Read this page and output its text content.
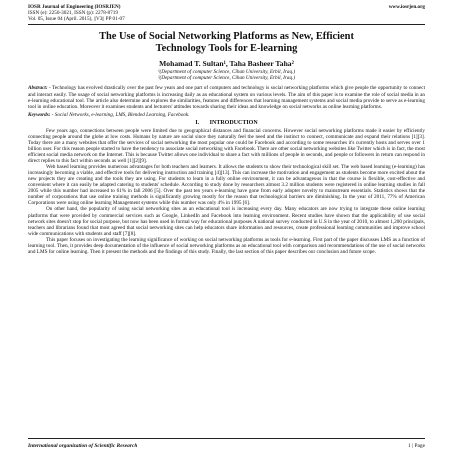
IOSR Journal of Engineering (IOSRJEN)
ISSN (e): 2250-3021, ISSN (p): 2278-8719
Vol. 05, Issue 04 (April. 2015), ||V3|| PP 01-07
www.iosrjen.org
The Use of Social Networking Platforms as New, Efficient
Technology Tools for E-learning
Mohamad T. Sultan¹, Taha Basheer Taha²
¹(Department of computer Science, Cihan University, Erbil, Iraq.)
²(Department of computer Science, Cihan University, Erbil, Iraq.)
Abstract: - Technology has evolved drastically over the past few years and one part of computers and technology is social networking platforms which give people the opportunity to connect and interact easily. The usage of social networking platforms is increasing daily as an educational system on various levels. The aim of this paper is to examine the role of social media in an e-learning educational tool. The article also determine and explores the similarities, features and differences that learning management systems and social media provide to serve as e-learning tool in online education. Moreover it examines students and lecturers' attitudes towards sharing their ideas and knowledge on social networks as online learning platforms.
Keywords: - Social Networks, e-learning, LMS, Blended Learning, Facebook.
I. INTRODUCTION

Few years ago, connections between people were limited due to geographical distances and financial concerns. However social networking platforms made it easier by efficiently connecting people around the globe at low costs. Humans by nature are social since they naturally feel the need and the instinct to connect, communicate and expand their relations [1][3]. Today there are a many websites that offer the services of social networking the most popular one could be Facebook and according to some researches it's currently hosts and serves over 1 billion user. For this reason people started to have the tendency to associate social networking with Facebook. There are other social networking websites like Twitter which is in fact, the most efficient social media network on the Internet. This is because Twitter allows one individual to share a fact with millions of people in seconds, and people or followers in return can respond in direct replies to this fact within seconds as well [1][2][9].

Web based learning provides numerous advantages for both teachers and learners. It allows the students to show their technological skill set. The web based learning (e-learning) has increasingly becoming a viable, and effective tools for delivering instruction and training [4][13]. This can increase the motivation and engagement as students become more excited about the new projects they are creating and the tools they are using. For students to learn in a fully online environment, it can be advantageous in that the course is flexible, cost-effective and convenient where it can easily be adapted catering to students' schedule. According to study done by researchers almost 3.2 million students were registered in online learning studies in fall 2005 while this number had increased to 61% in fall 2006 [5]. Over the past ten years e-learning have gone from early adopter novelty to mainstream essentials. Statistics shows that the number of corporations that use online training methods is significantly growing mostly for the reason that technological barriers are diminishing. In the year of 2011, 77% of American Corporations were using online learning Management systems while this number was only 4% in 1995 [6].

On other hand, the popularity of using social networking sites as an educational tool is increasing every day. Many educators are now trying to integrate these online learning platforms that were provided by commercial services such as Google, LinkedIn and Facebook into learning environment. Recent studies have shown that the applicability of use social network sites doesn't stop for social purpose, but now has been used in formal way for educational purposes A national survey conducted in U.S in the year of 2010, to almost 1,200 principals, teachers and librarians found that most agreed that social networking sites can help educators share information and resources, create professional learning communities and improve school wide communications with students and staff [7][8].

This paper focuses on investigating the learning significance of working on social networking platforms as tools for e-learning. First part of the paper discusses LMS as a function of learning tool. Then, it provides deep documentation of the influence of social networking platforms as an educational tool with comparison and recommendations of the use of social networks and LMS for online learning. Then it present the methods and the findings of this study. Finally, the last section of this paper describes our conclusion and future scope.

International organization of Scientific Research	1 | Page
